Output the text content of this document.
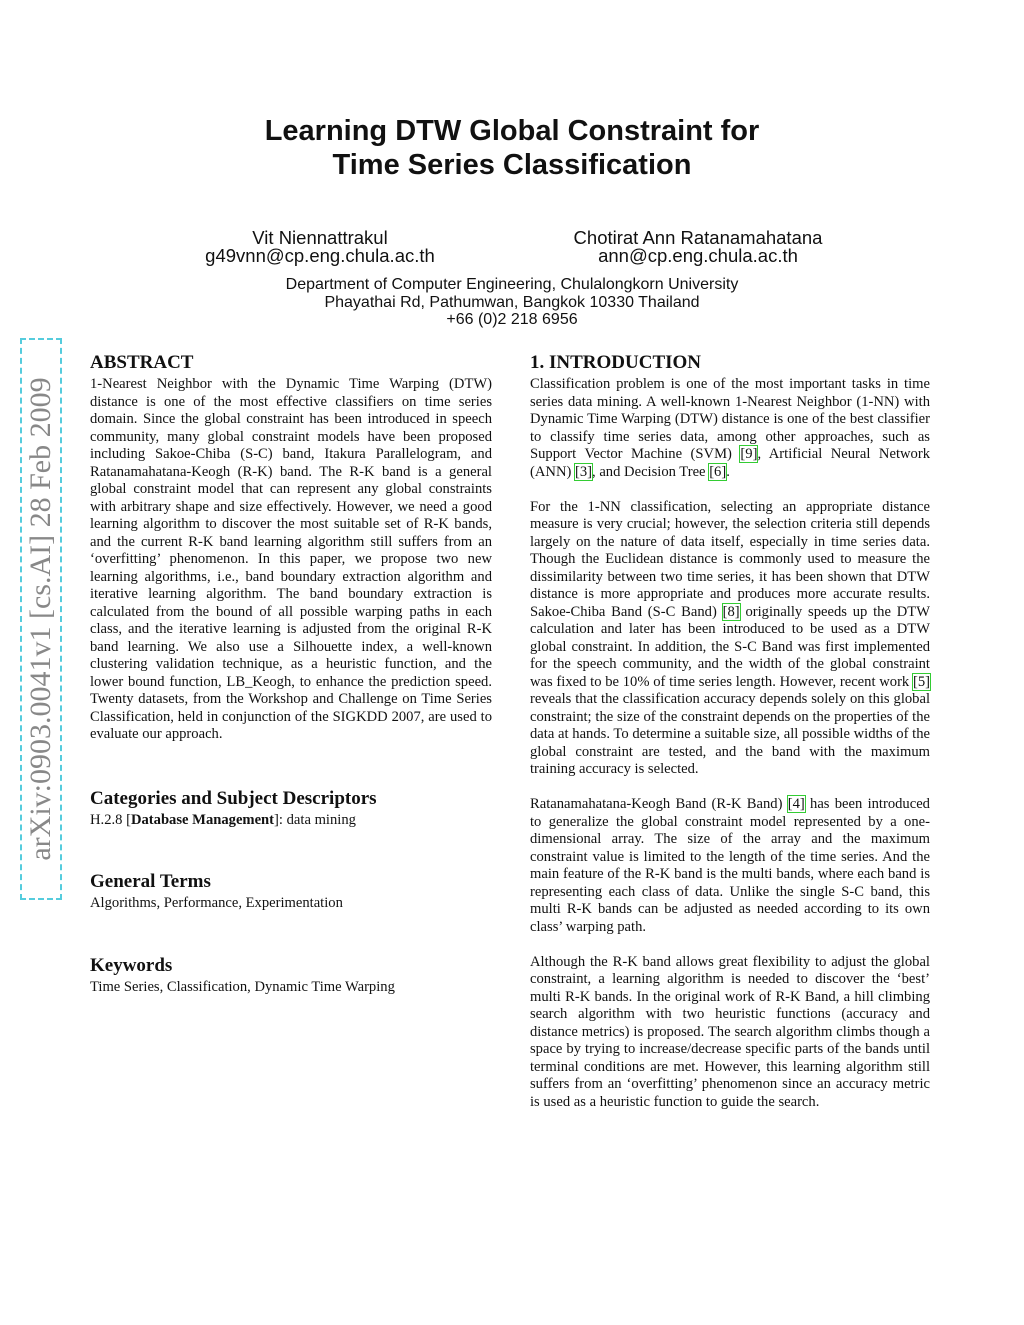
arXiv:0903.0041v1 [cs.AI] 28 Feb 2009
Learning DTW Global Constraint for
Time Series Classification
Vit Niennattrakul
g49vnn@cp.eng.chula.ac.th
Chotirat Ann Ratanamahatana
ann@cp.eng.chula.ac.th
Department of Computer Engineering, Chulalongkorn University
Phayathai Rd, Pathumwan, Bangkok 10330 Thailand
+66 (0)2 218 6956
ABSTRACT

1-Nearest Neighbor with the Dynamic Time Warping (DTW) distance is one of the most effective classifiers on time series domain. Since the global constraint has been introduced in speech community, many global constraint models have been proposed including Sakoe-Chiba (S-C) band, Itakura Parallelogram, and Ratanamahatana-Keogh (R-K) band. The R-K band is a general global constraint model that can represent any global constraints with arbitrary shape and size effectively. However, we need a good learning algorithm to discover the most suitable set of R-K bands, and the current R-K band learning algorithm still suffers from an ‘overfitting’ phenomenon. In this paper, we propose two new learning algorithms, i.e., band boundary extraction algorithm and iterative learning algorithm. The band boundary extraction is calculated from the bound of all possible warping paths in each class, and the iterative learning is adjusted from the original R-K band learning. We also use a Silhouette index, a well-known clustering validation technique, as a heuristic function, and the lower bound function, LB_Keogh, to enhance the prediction speed. Twenty datasets, from the Workshop and Challenge on Time Series Classification, held in conjunction of the SIGKDD 2007, are used to evaluate our approach.

Categories and Subject Descriptors

H.2.8 [Database Management]: data mining

General Terms

Algorithms, Performance, Experimentation

Keywords

Time Series, Classification, Dynamic Time Warping

1. INTRODUCTION

Classification problem is one of the most important tasks in time series data mining. A well-known 1-Nearest Neighbor (1-NN) with Dynamic Time Warping (DTW) distance is one of the best classifier to classify time series data, among other approaches, such as Support Vector Machine (SVM) [9], Artificial Neural Network (ANN) [3], and Decision Tree [6].

For the 1-NN classification, selecting an appropriate distance measure is very crucial; however, the selection criteria still depends largely on the nature of data itself, especially in time series data. Though the Euclidean distance is commonly used to measure the dissimilarity between two time series, it has been shown that DTW distance is more appropriate and produces more accurate results. Sakoe-Chiba Band (S-C Band) [8] originally speeds up the DTW calculation and later has been introduced to be used as a DTW global constraint. In addition, the S-C Band was first implemented for the speech community, and the width of the global constraint was fixed to be 10% of time series length. However, recent work [5] reveals that the classification accuracy depends solely on this global constraint; the size of the constraint depends on the properties of the data at hands. To determine a suitable size, all possible widths of the global constraint are tested, and the band with the maximum training accuracy is selected.

Ratanamahatana-Keogh Band (R-K Band) [4] has been introduced to generalize the global constraint model represented by a one-dimensional array. The size of the array and the maximum constraint value is limited to the length of the time series. And the main feature of the R-K band is the multi bands, where each band is representing each class of data. Unlike the single S-C band, this multi R-K bands can be adjusted as needed according to its own class’ warping path.

Although the R-K band allows great flexibility to adjust the global constraint, a learning algorithm is needed to discover the ‘best’ multi R-K bands. In the original work of R-K Band, a hill climbing search algorithm with two heuristic functions (accuracy and distance metrics) is proposed. The search algorithm climbs though a space by trying to increase/decrease specific parts of the bands until terminal conditions are met. However, this learning algorithm still suffers from an ‘overfitting’ phenomenon since an accuracy metric is used as a heuristic function to guide the search.
